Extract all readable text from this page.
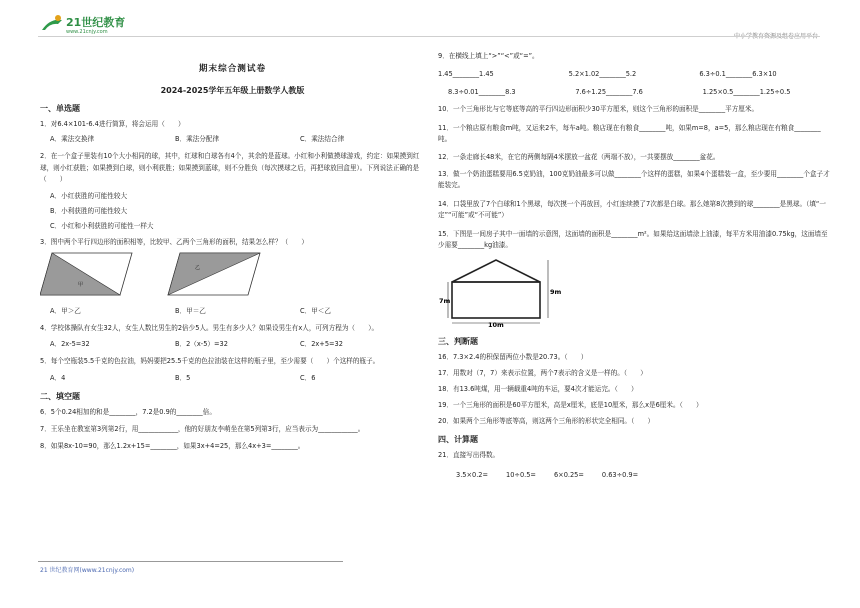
21世纪教育
www.21cnjy.com
中小学教育资源及组卷应用平台
期末综合测试卷
2024-2025学年五年级上册数学人教版
一、单选题
1．对6.4×101-6.4进行简算，将会运用（　　）
A．乘法交换律	B．乘法分配律	C．乘法结合律
2．在一个盒子里装有10个大小相同的球，其中，红球和白球各有4个，其余的是蓝球。小红和小利做摸球游戏，约定：如果摸到红球，则小红获胜；如果摸到白球，则小利获胜；如果摸到蓝球，则不分胜负（每次摸球之后，再把球放回盒里）。下列说法正确的是（　　）
A．小红获胜的可能性较大
B．小利获胜的可能性较大
C．小红和小利获胜的可能性一样大
3．图中两个平行四边形的面积相等，比较甲、乙两个三角形的面积，结果怎么样？（　　）
甲
乙
A．甲＞乙	B．甲＝乙	C．甲＜乙
4．学校体操队有女生32人，女生人数比男生的2倍少5人。男生有多少人？如果设男生有x人，可列方程为（　　）。
A．2x-5=32	B．2（x-5）=32	C．2x+5=32
5．每个空瓶装5.5千克的色拉油，妈妈要把25.5千克的色拉油装在这样的瓶子里，至少需要（　　）个这样的瓶子。
A．4	B．5	C．6
二、填空题
6．5个0.24相加的和是________，7.2是0.9的________倍。
7．王乐坐在教室第3列第2行，用____________，他的好朋友李萌坐在第5列第3行，应当表示为____________。
8．如果8x-10=90，那么1.2x+15=________，如果3x+4=25，那么4x+3=________。
9．在横线上填上“>”“<”或“=”。
1.45________1.45	5.2×1.02________5.2	6.3÷0.1________6.3×10
8.3÷0.01________8.3	7.6÷1.25________7.6	1.25×0.5________1.25÷0.5
10．一个三角形比与它等底等高的平行四边形面积少30平方厘米，则这个三角形的面积是________平方厘米。
11．一个粮店原有粮食m吨，又运来2车，每车a吨。粮店现在有粮食________吨，如果m=8，a=5，那么粮店现在有粮食________吨。
12．一条走廊长48米，在它的两侧每隔4米摆放一盆花（两端不放），一共要摆放________盆花。
13．做一个奶油蛋糕要用6.5克奶油，100克奶油最多可以做________个这样的蛋糕，如果4个蛋糕装一盒，至少要用________个盒子才能装完。
14．口袋里放了7个白球和1个黑球，每次摸一个再放回，小红连续摸了7次都是白球。那么她第8次摸到的球________是黑球。（填“一定”“可能”或“不可能”）
15．下图是一间房子其中一面墙的示意图，这面墙的面积是________m²。如果给这面墙涂上油漆，每平方米用油漆0.75kg，这面墙至少需要________kg油漆。
7m
9m
10m
三、判断题
16．7.3×2.4的积保留两位小数是20.73。（　　）
17．用数对（7，7）来表示位置，两个7表示的含义是一样的。（　　）
18．有13.6吨煤，用一辆载重4吨的车运，要4次才能运完。（　　）
19．一个三角形的面积是60平方厘米，高是x厘米，底是10厘米，那么x是6厘米。（　　）
20．如果两个三角形等底等高，则这两个三角形的形状完全相同。（　　）
四、计算题
21．直接写出得数。
3.5×0.2=	10÷0.5=	6×0.25=	0.63÷0.9=
21 世纪教育网(www.21cnjy.com)
